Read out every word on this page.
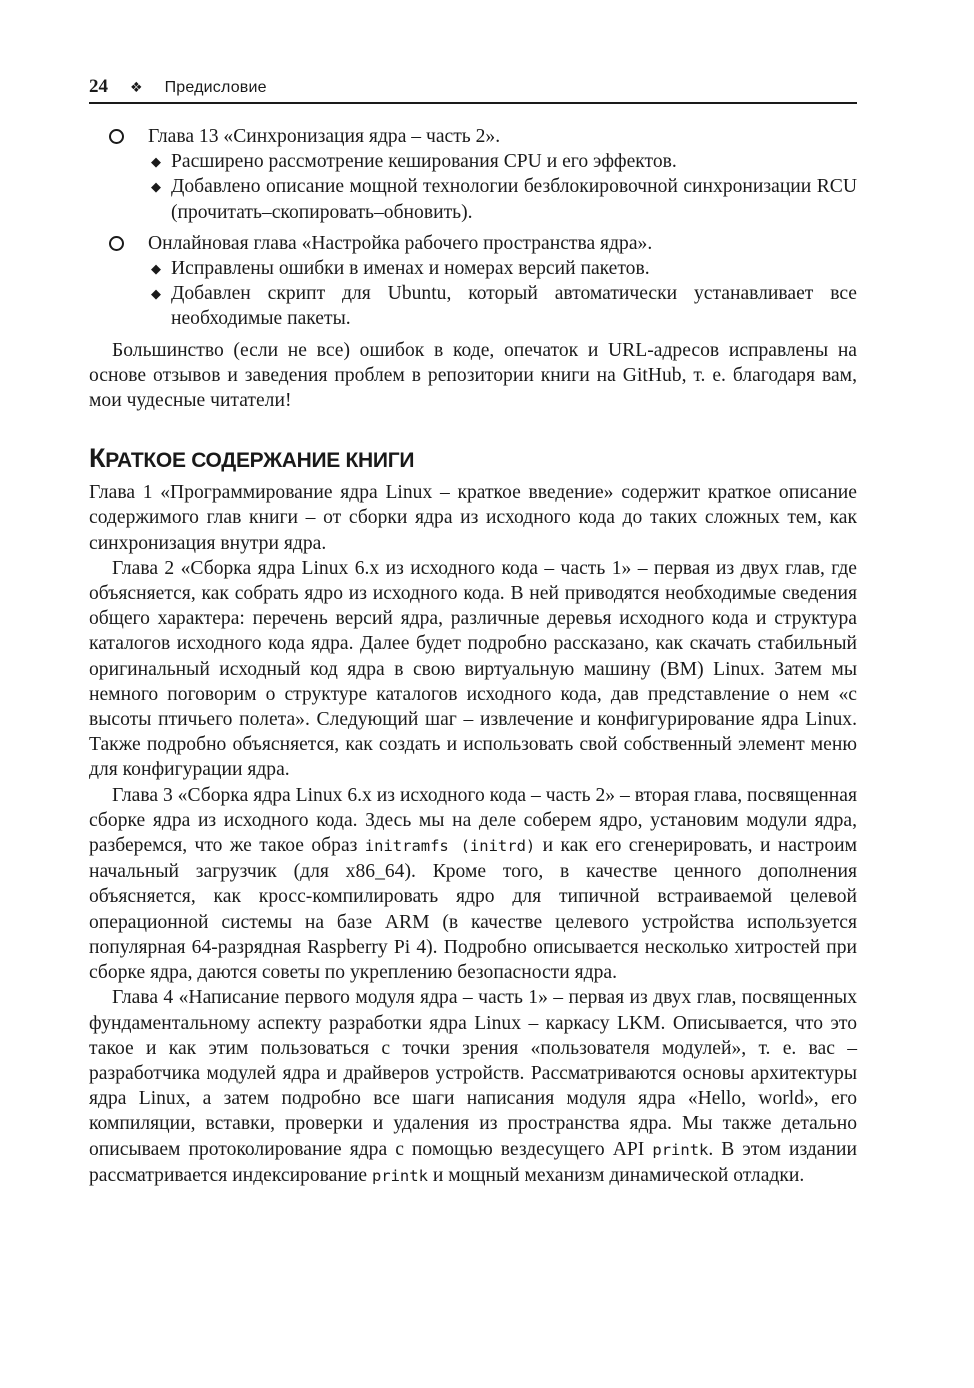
24 ❖ Предисловие
Глава 13 «Синхронизация ядра – часть 2».
◆ Расширено рассмотрение кеширования CPU и его эффектов.
◆ Добавлено описание мощной технологии безблокировочной синхронизации RCU (прочитать–скопировать–обновить).
Онлайновая глава «Настройка рабочего пространства ядра».
◆ Исправлены ошибки в именах и номерах версий пакетов.
◆ Добавлен скрипт для Ubuntu, который автоматически устанавливает все необходимые пакеты.

Большинство (если не все) ошибок в коде, опечаток и URL-адресов исправлены на основе отзывов и заведения проблем в репозитории книги на GitHub, т. е. благодаря вам, мои чудесные читатели!

КРАТКОЕ СОДЕРЖАНИЕ КНИГИ

Глава 1 «Программирование ядра Linux – краткое введение» содержит краткое описание содержимого глав книги – от сборки ядра из исходного кода до таких сложных тем, как синхронизация внутри ядра.

Глава 2 «Сборка ядра Linux 6.x из исходного кода – часть 1» – первая из двух глав, где объясняется, как собрать ядро из исходного кода. В ней приводятся необходимые сведения общего характера: перечень версий ядра, различные деревья исходного кода и структура каталогов исходного кода ядра. Далее будет подробно рассказано, как скачать стабильный оригинальный исходный код ядра в свою виртуальную машину (ВМ) Linux. Затем мы немного поговорим о структуре каталогов исходного кода, дав представление о нем «с высоты птичьего полета». Следующий шаг – извлечение и конфигурирование ядра Linux. Также подробно объясняется, как создать и использовать свой собственный элемент меню для конфигурации ядра.

Глава 3 «Сборка ядра Linux 6.x из исходного кода – часть 2» – вторая глава, посвященная сборке ядра из исходного кода. Здесь мы на деле соберем ядро, установим модули ядра, разберемся, что же такое образ initramfs (initrd) и как его сгенерировать, и настроим начальный загрузчик (для x86_64). Кроме того, в качестве ценного дополнения объясняется, как кросс-компилировать ядро для типичной встраиваемой целевой операционной системы на базе ARM (в качестве целевого устройства используется популярная 64-разрядная Raspberry Pi 4). Подробно описывается несколько хитростей при сборке ядра, даются советы по укреплению безопасности ядра.

Глава 4 «Написание первого модуля ядра – часть 1» – первая из двух глав, посвященных фундаментальному аспекту разработки ядра Linux – каркасу LKM. Описывается, что это такое и как этим пользоваться с точки зрения «пользователя модулей», т. е. вас – разработчика модулей ядра и драйверов устройств. Рассматриваются основы архитектуры ядра Linux, а затем подробно все шаги написания модуля ядра «Hello, world», его компиляции, вставки, проверки и удаления из пространства ядра. Мы также детально описываем протоколирование ядра с помощью вездесущего API printk. В этом издании рассматривается индексирование printk и мощный механизм динамической отладки.
